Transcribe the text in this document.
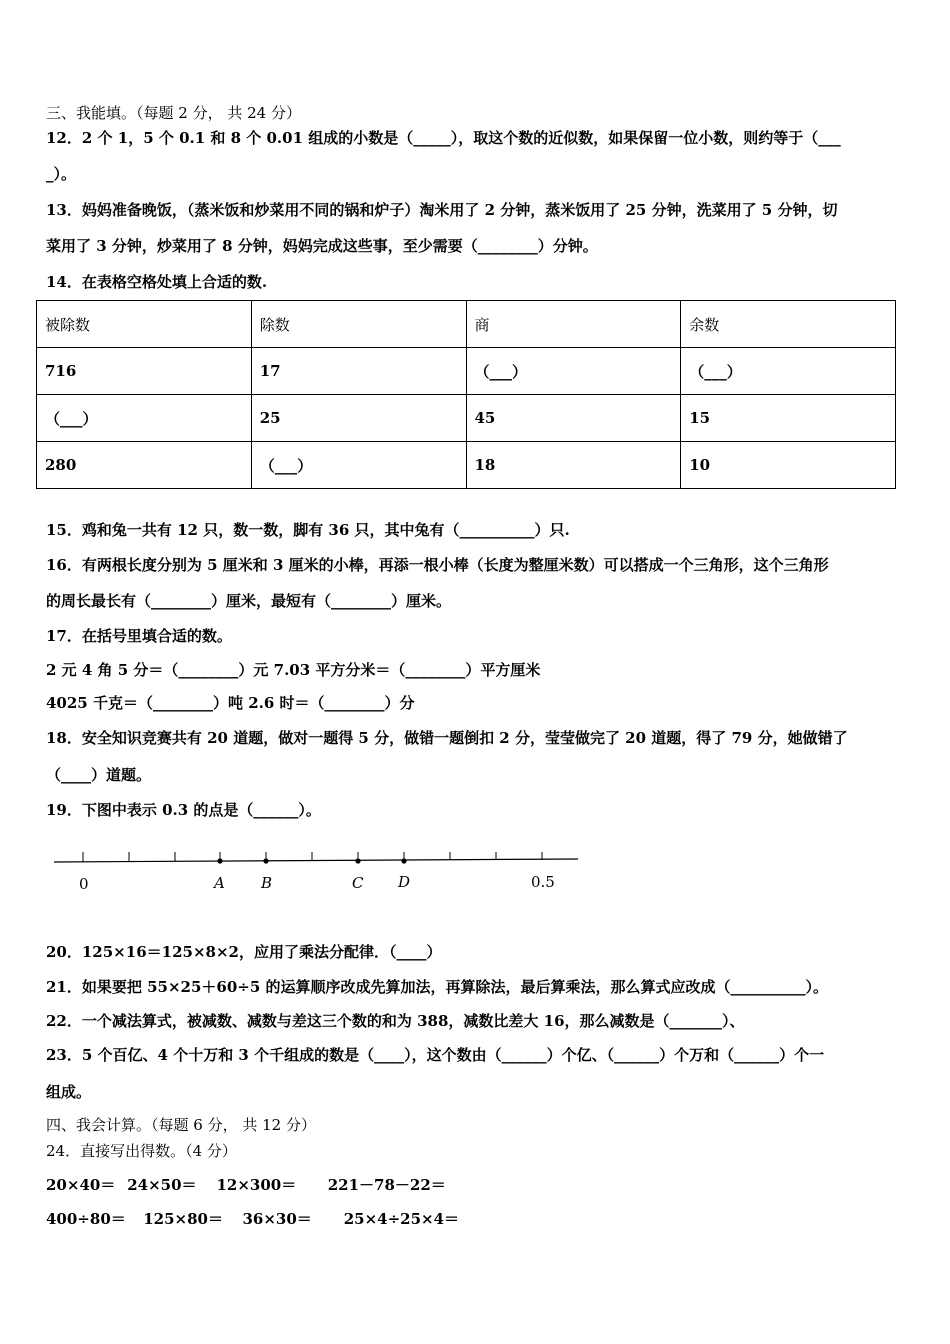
三、我能填。（每题 2 分， 共 24 分）
12．2 个 1，5 个 0.1 和 8 个 0.01 组成的小数是（_____），取这个数的近似数，如果保留一位小数，则约等于（___
_）。
13．妈妈准备晚饭，（蒸米饭和炒菜用不同的锅和炉子）淘米用了 2 分钟，蒸米饭用了 25 分钟，洗菜用了 5 分钟，切
菜用了 3 分钟，炒菜用了 8 分钟，妈妈完成这些事，至少需要（________）分钟。
14．在表格空格处填上合适的数.
被除数	除数	商	余数
716	17	（___）	（___）
（___）	25	45	15
280	（___）	18	10
15．鸡和兔一共有 12 只，数一数，脚有 36 只，其中兔有（__________）只.
16．有两根长度分别为 5 厘米和 3 厘米的小棒，再添一根小棒（长度为整厘米数）可以搭成一个三角形，这个三角形
的周长最长有（________）厘米，最短有（________）厘米。
17．在括号里填合适的数。
2 元 4 角 5 分＝（________）元 7.03 平方分米＝（________）平方厘米
4025 千克＝（________）吨 2.6 时＝（________）分
18．安全知识竞赛共有 20 道题，做对一题得 5 分，做错一题倒扣 2 分，莹莹做完了 20 道题，得了 79 分，她做错了
（____）道题。
19．下图中表示 0.3 的点是（______）。
0	A B	C D	0.5
20．125×16＝125×8×2，应用了乘法分配律．（____）
21．如果要把 55×25＋60÷5 的运算顺序改成先算加法，再算除法，最后算乘法，那么算式应改成（__________）。
22．一个减法算式，被减数、减数与差这三个数的和为 388，减数比差大 16，那么减数是（_______）、
23．5 个百亿、4 个十万和 3 个千组成的数是（____），这个数由（______）个亿、（______）个万和（______）个一
组成。
四、我会计算。（每题 6 分， 共 12 分）
24．直接写出得数。（4 分）
20×40＝ 24×50＝ 12×300＝ 221－78－22＝
400÷80＝ 125×80＝ 36×30＝ 25×4÷25×4＝
